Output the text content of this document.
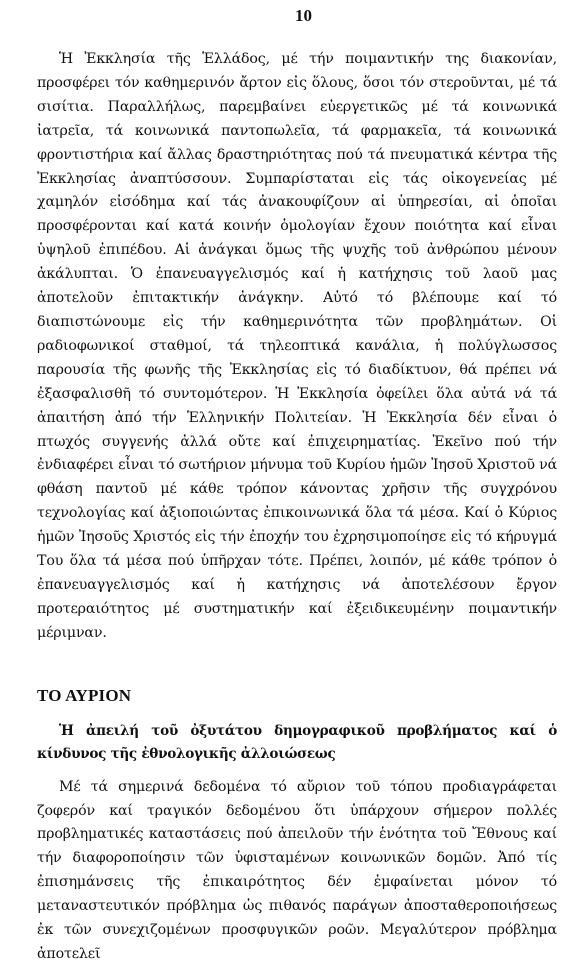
10

Ἡ Ἐκκλησία τῆς Ἑλλάδος, μέ τήν ποιμαντικήν της διακονίαν, προσφέρει τόν καθημερινόν ἄρτον εἰς ὅλους, ὅσοι τόν στεροῦνται, μέ τά σισίτια. Παραλλήλως, παρεμβαίνει εὐεργετικῶς μέ τά κοινωνικά ἰατρεῖα, τά κοινωνικά παντοπωλεῖα, τά φαρμακεῖα, τά κοινωνικά φροντιστήρια καί ἄλλας δραστηριότητας πού τά πνευματικά κέντρα τῆς Ἐκκλησίας ἀναπτύσσουν. Συμπαρίσταται εἰς τάς οἰκογενείας μέ χαμηλόν εἰσόδημα καί τάς ἀνακουφίζουν αἱ ὑπηρεσίαι, αἱ ὁποῖαι προσφέρονται καί κατά κοινήν ὁμολογίαν ἔχουν ποιότητα καί εἶναι ὑψηλοῦ ἐπιπέδου. Αἱ ἀνάγκαι ὅμως τῆς ψυχῆς τοῦ ἀνθρώπου μένουν ἀκάλυπται. Ὁ ἐπανευαγγελισμός καί ἡ κατήχησις τοῦ λαοῦ μας ἀποτελοῦν ἐπιτακτικήν ἀνάγκην. Αὐτό τό βλέπουμε καί τό διαπιστώνουμε εἰς τήν καθημερινότητα τῶν προβλημάτων. Οἱ ραδιοφωνικοί σταθμοί, τά τηλεοπτικά κανάλια, ἡ πολύγλωσσος παρουσία τῆς φωνῆς τῆς Ἐκκλησίας εἰς τό διαδίκτυον, θά πρέπει νά ἐξασφαλισθῆ τό συντομότερον. Ἡ Ἐκκλησία ὀφείλει ὅλα αὐτά νά τά ἀπαιτήση ἀπό τήν Ἑλληνικήν Πολιτείαν. Ἡ Ἐκκλησία δέν εἶναι ὁ πτωχός συγγενής ἀλλά οὔτε καί ἐπιχειρηματίας. Ἐκεῖνο πού τήν ἐνδιαφέρει εἶναι τό σωτήριον μήνυμα τοῦ Κυρίου ἡμῶν Ἰησοῦ Χριστοῦ νά φθάση παντοῦ μέ κάθε τρόπον κάνοντας χρῆσιν τῆς συγχρόνου τεχνολογίας καί ἀξιοποιώντας ἐπικοινωνικά ὅλα τά μέσα. Καί ὁ Κύριος ἡμῶν Ἰησοῦς Χριστός εἰς τήν ἐποχήν του ἐχρησιμοποίησε εἰς τό κήρυγμά Του ὅλα τά μέσα πού ὑπῆρχαν τότε. Πρέπει, λοιπόν, μέ κάθε τρόπον ὁ ἐπανευαγγελισμός καί ἡ κατήχησις νά ἀποτελέσουν ἔργον προτεραιότητος μέ συστηματικήν καί ἐξειδικευμένην ποιμαντικήν μέριμναν.

ΤΟ ΑΥΡΙΟΝ
Ἡ ἀπειλή τοῦ ὀξυτάτου δημογραφικοῦ προβλήματος καί ὁ κίνδυνος τῆς ἐθνολογικῆς ἀλλοιώσεως

Μέ τά σημερινά δεδομένα τό αὔριον τοῦ τόπου προδιαγράφεται ζοφερόν καί τραγικόν δεδομένου ὅτι ὑπάρχουν σήμερον πολλές προβληματικές καταστάσεις πού ἀπειλοῦν τήν ἑνότητα τοῦ Ἔθνους καί τήν διαφοροποίησιν τῶν ὑφισταμένων κοινωνικῶν δομῶν. Ἀπό τίς ἐπισημάνσεις τῆς ἐπικαιρότητος δέν ἐμφαίνεται μόνον τό μεταναστευτικόν πρόβλημα ὡς πιθανός παράγων ἀποσταθεροποιήσεως ἐκ τῶν συνεχιζομένων προσφυγικῶν ροῶν. Μεγαλύτερον πρόβλημα ἀποτελεῖ
